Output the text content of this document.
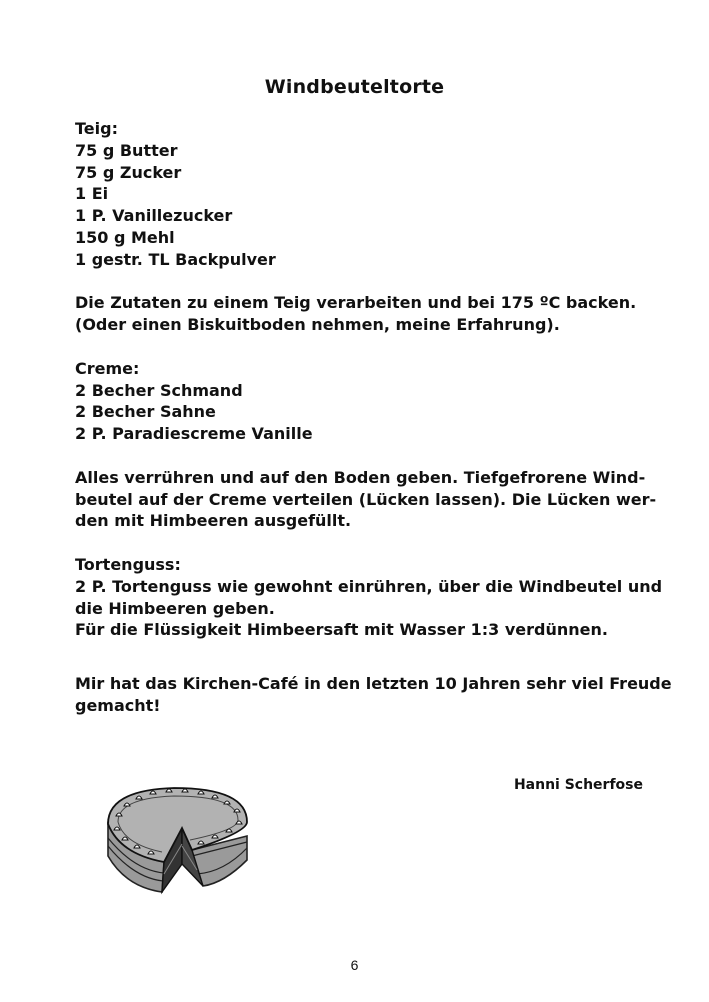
Windbeuteltorte
Teig:
75 g Butter
75 g Zucker
1 Ei
1 P. Vanillezucker
150 g Mehl
1 gestr. TL Backpulver
Die Zutaten zu einem Teig verarbeiten und bei 175 ºC backen.
(Oder einen Biskuitboden nehmen, meine Erfahrung).
Creme:
2 Becher Schmand
2 Becher Sahne
2 P. Paradiescreme Vanille
Alles verrühren und auf den Boden geben. Tiefgefrorene Wind-
beutel auf der Creme verteilen (Lücken lassen). Die Lücken wer-
den mit Himbeeren ausgefüllt.
Tortenguss:
2 P. Tortenguss wie gewohnt einrühren, über die Windbeutel und
die Himbeeren geben.
Für die Flüssigkeit Himbeersaft mit Wasser 1:3 verdünnen.
Mir hat das Kirchen-Café in den letzten 10 Jahren sehr viel Freude
gemacht!
Hanni Scherfose
6
